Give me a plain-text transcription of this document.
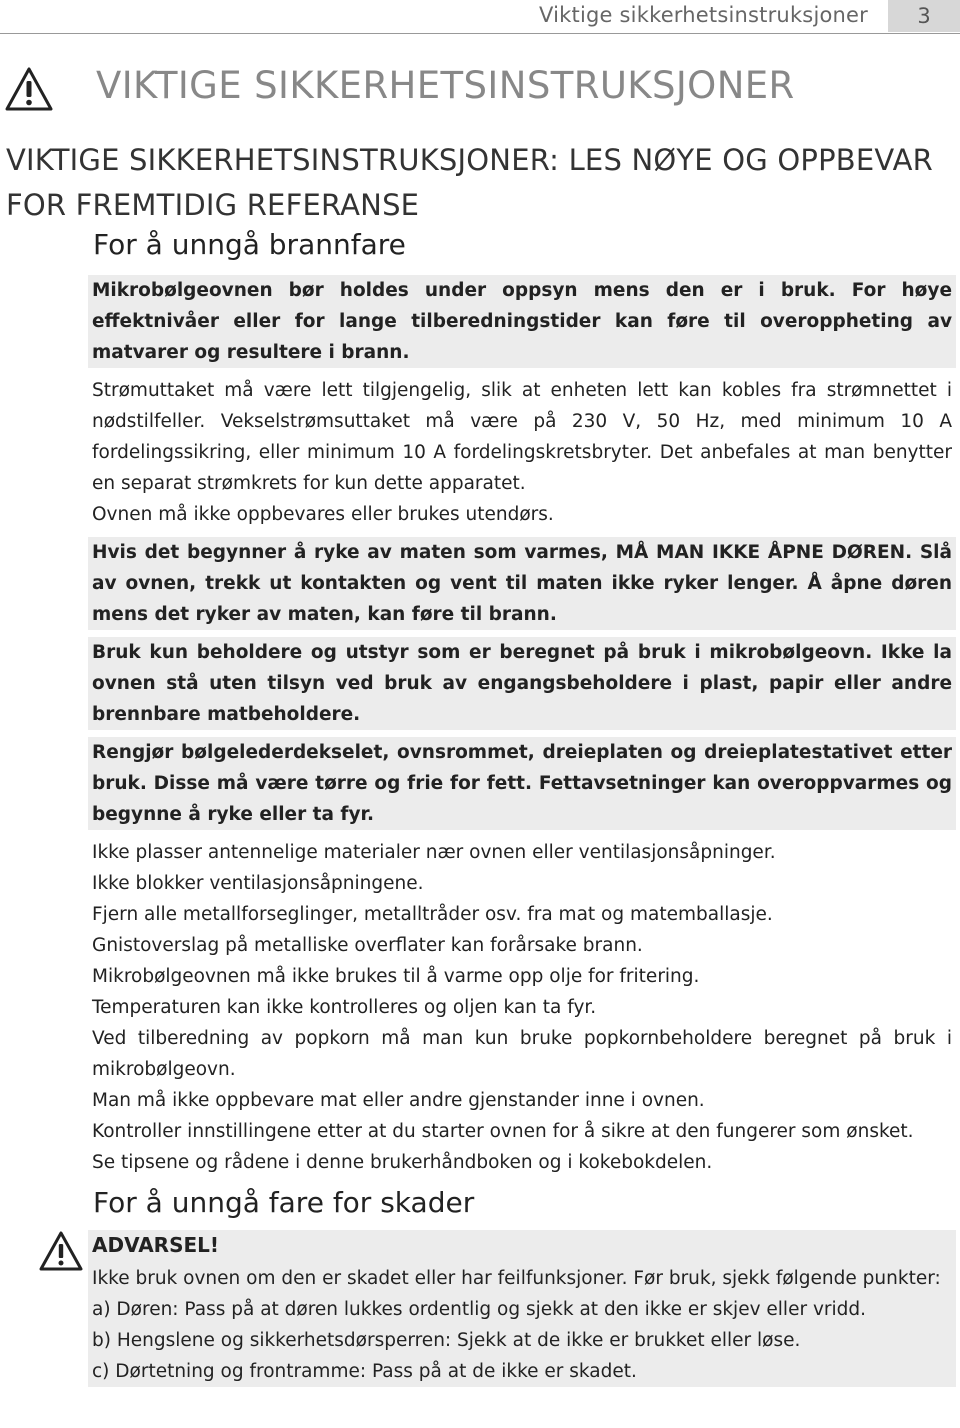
Viktige sikkerhetsinstruksjoner	3
VIKTIGE SIKKERHETSINSTRUKSJONER
VIKTIGE SIKKERHETSINSTRUKSJONER: LES NØYE OG OPPBEVAR FOR FREMTIDIG REFERANSE
For å unngå brannfare

Mikrobølgeovnen bør holdes under oppsyn mens den er i bruk. For høye effektnivåer eller for lange tilberedningstider kan føre til overoppheting av matvarer og resultere i brann.

Strømuttaket må være lett tilgjengelig, slik at enheten lett kan kobles fra strømnettet i nødstilfeller. Vekselstrømsuttaket må være på 230 V, 50 Hz, med minimum 10 A fordelingssikring, eller minimum 10 A fordelingskretsbryter. Det anbefales at man benytter en separat strømkrets for kun dette apparatet.

Ovnen må ikke oppbevares eller brukes utendørs.

Hvis det begynner å ryke av maten som varmes, MÅ MAN IKKE ÅPNE DØREN. Slå av ovnen, trekk ut kontakten og vent til maten ikke ryker lenger. Å åpne døren mens det ryker av maten, kan føre til brann.

Bruk kun beholdere og utstyr som er beregnet på bruk i mikrobølgeovn. Ikke la ovnen stå uten tilsyn ved bruk av engangsbeholdere i plast, papir eller andre brennbare matbeholdere.

Rengjør bølgelederdekselet, ovnsrommet, dreieplaten og dreieplatestativet etter bruk. Disse må være tørre og frie for fett. Fettavsetninger kan overoppvarmes og begynne å ryke eller ta fyr.

Ikke plasser antennelige materialer nær ovnen eller ventilasjonsåpninger.

Ikke blokker ventilasjonsåpningene.

Fjern alle metallforseglinger, metalltråder osv. fra mat og matemballasje.

Gnistoverslag på metalliske overflater kan forårsake brann.

Mikrobølgeovnen må ikke brukes til å varme opp olje for fritering.

Temperaturen kan ikke kontrolleres og oljen kan ta fyr.

Ved tilberedning av popkorn må man kun bruke popkornbeholdere beregnet på bruk i mikrobølgeovn.

Man må ikke oppbevare mat eller andre gjenstander inne i ovnen.

Kontroller innstillingene etter at du starter ovnen for å sikre at den fungerer som ønsket.

Se tipsene og rådene i denne brukerhåndboken og i kokebokdelen.

For å unngå fare for skader

ADVARSEL!

Ikke bruk ovnen om den er skadet eller har feilfunksjoner. Før bruk, sjekk følgende punkter:

a) Døren: Pass på at døren lukkes ordentlig og sjekk at den ikke er skjev eller vridd.

b) Hengslene og sikkerhetsdørsperren: Sjekk at de ikke er brukket eller løse.

c) Dørtetning og frontramme: Pass på at de ikke er skadet.
